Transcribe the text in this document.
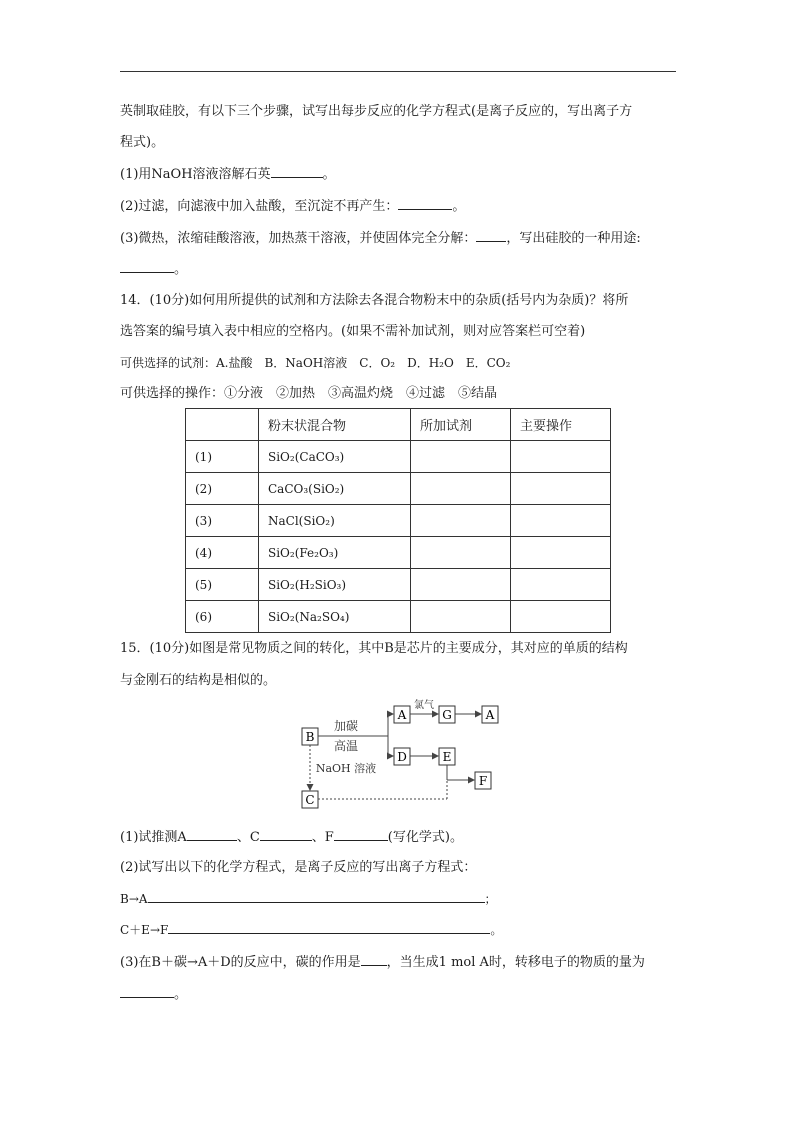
英制取硅胶，有以下三个步骤，试写出每步反应的化学方程式(是离子反应的，写出离子方
程式)。
(1)用NaOH溶液溶解石英	。
(2)过滤，向滤液中加入盐酸，至沉淀不再产生：	。
(3)微热，浓缩硅酸溶液，加热蒸干溶液，并使固体完全分解： ，写出硅胶的一种用途:
。
14．(10分)如何用所提供的试剂和方法除去各混合物粉末中的杂质(括号内为杂质)？将所
选答案的编号填入表中相应的空格内。(如果不需补加试剂，则对应答案栏可空着)
可供选择的试剂：A.盐酸　B．NaOH溶液　C．O₂　D．H₂O　E．CO₂
可供选择的操作：①分液　②加热　③高温灼烧　④过滤　⑤结晶
	粉末状混合物	所加试剂	主要操作
(1)	SiO₂(CaCO₃)		
(2)	CaCO₃(SiO₂)		
(3)	NaCl(SiO₂)		
(4)	SiO₂(Fe₂O₃)		
(5)	SiO₂(H₂SiO₃)		
(6)	SiO₂(Na₂SO₄)		
15．(10分)如图是常见物质之间的转化，其中B是芯片的主要成分，其对应的单质的结构
与金刚石的结构是相似的。
B
A	G	A
D	E
F
C
加碳
高温
氯气
NaOH 溶液
(1)试推测A	、C	、F	(写化学式)。
(2)试写出以下的化学方程式，是离子反应的写出离子方程式：
B→A	；
C＋E→F	。
(3)在B＋碳→A＋D的反应中，碳的作用是 ，当生成1 mol A时，转移电子的物质的量为
。
